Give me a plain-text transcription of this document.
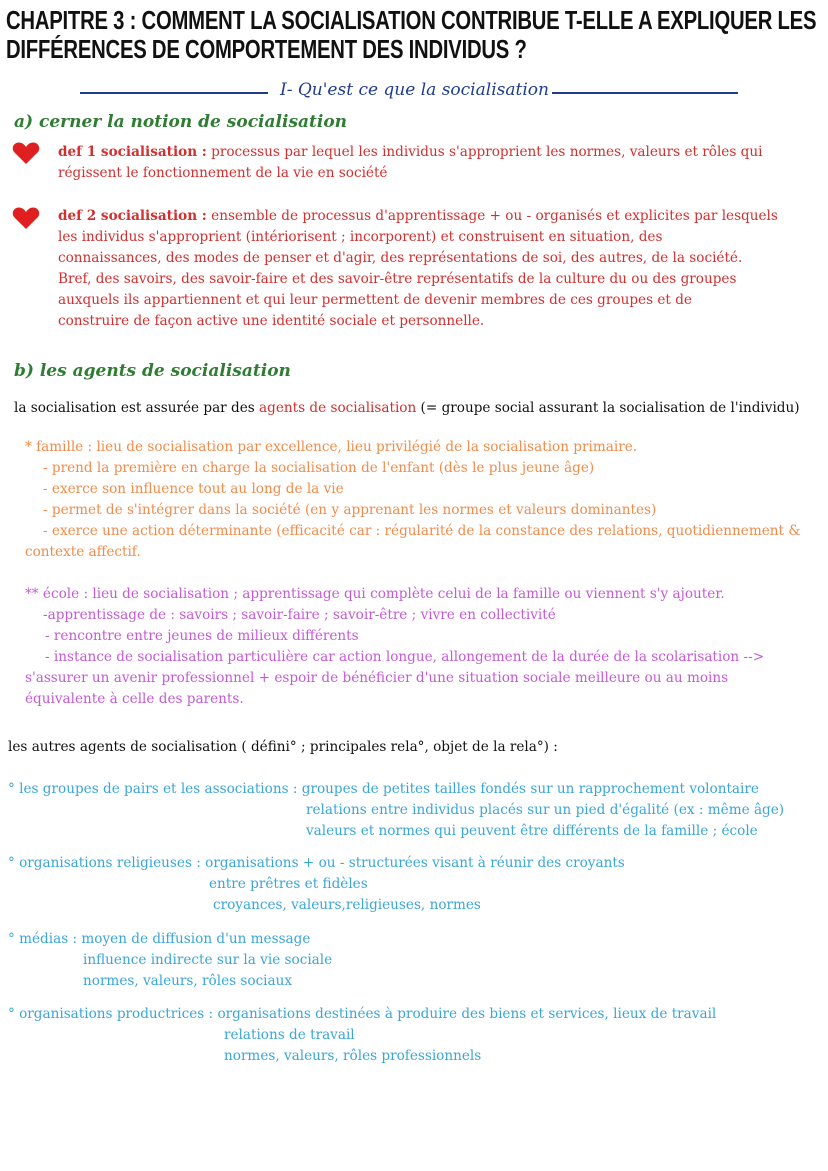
CHAPITRE 3 : COMMENT LA SOCIALISATION CONTRIBUE T-ELLE A EXPLIQUER LES
DIFFÉRENCES DE COMPORTEMENT DES INDIVIDUS ?
I- Qu'est ce que la socialisation
a) cerner la notion de socialisation
def 1 socialisation : processus par lequel les individus s'approprient les normes, valeurs et rôles qui
régissent le fonctionnement de la vie en société
def 2 socialisation : ensemble de processus d'apprentissage + ou - organisés et explicites par lesquels
les individus s'approprient (intériorisent ; incorporent) et construisent en situation, des
connaissances, des modes de penser et d'agir, des représentations de soi, des autres, de la société.
Bref, des savoirs, des savoir-faire et des savoir-être représentatifs de la culture du ou des groupes
auxquels ils appartiennent et qui leur permettent de devenir membres de ces groupes et de
construire de façon active une identité sociale et personnelle.
b) les agents de socialisation
la socialisation est assurée par des agents de socialisation (= groupe social assurant la socialisation de l'individu)
* famille : lieu de socialisation par excellence, lieu privilégié de la socialisation primaire.
- prend la première en charge la socialisation de l'enfant (dès le plus jeune âge)
- exerce son influence tout au long de la vie
- permet de s'intégrer dans la société (en y apprenant les normes et valeurs dominantes)
- exerce une action déterminante (efficacité car : régularité de la constance des relations, quotidiennement &
contexte affectif.
** école : lieu de socialisation ; apprentissage qui complète celui de la famille ou viennent s'y ajouter.
-apprentissage de : savoirs ; savoir-faire ; savoir-être ; vivre en collectivité
- rencontre entre jeunes de milieux différents
- instance de socialisation particulière car action longue, allongement de la durée de la scolarisation -->
s'assurer un avenir professionnel + espoir de bénéficier d'une situation sociale meilleure ou au moins
équivalente à celle des parents.
les autres agents de socialisation ( défini° ; principales rela°, objet de la rela°) :
° les groupes de pairs et les associations : groupes de petites tailles fondés sur un rapprochement volontaire
relations entre individus placés sur un pied d'égalité (ex : même âge)
valeurs et normes qui peuvent être différents de la famille ; école
° organisations religieuses : organisations + ou - structurées visant à réunir des croyants
entre prêtres et fidèles
croyances, valeurs,religieuses, normes
° médias : moyen de diffusion d'un message
influence indirecte sur la vie sociale
normes, valeurs, rôles sociaux
° organisations productrices : organisations destinées à produire des biens et services, lieux de travail
relations de travail
normes, valeurs, rôles professionnels
